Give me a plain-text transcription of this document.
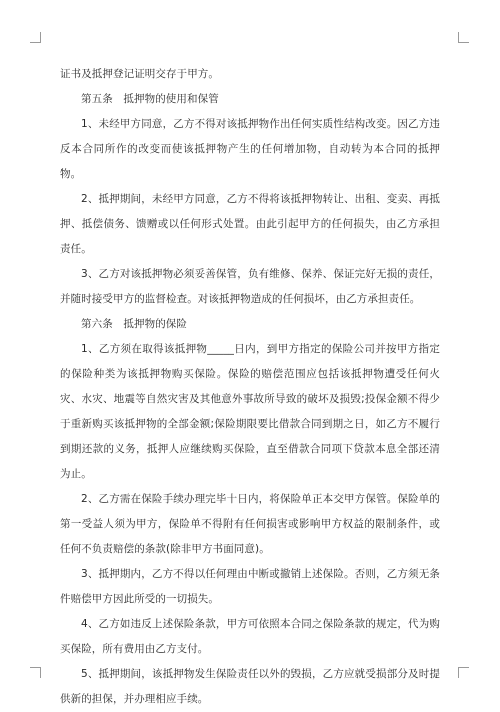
证书及抵押登记证明交存于甲方。

第五条　抵押物的使用和保管

1、未经甲方同意，乙方不得对该抵押物作出任何实质性结构改变。因乙方违反本合同所作的改变而使该抵押物产生的任何增加物，自动转为本合同的抵押物。

2、抵押期间，未经甲方同意，乙方不得将该抵押物转让、出租、变卖、再抵押、抵偿债务、馈赠或以任何形式处置。由此引起甲方的任何损失，由乙方承担责任。

3、乙方对该抵押物必须妥善保管，负有维修、保养、保证完好无损的责任，并随时接受甲方的监督检查。对该抵押物造成的任何损坏，由乙方承担责任。

第六条　抵押物的保险

1、乙方须在取得该抵押物_____日内，到甲方指定的保险公司并按甲方指定的保险种类为该抵押物购买保险。保险的赔偿范围应包括该抵押物遭受任何火灾、水灾、地震等自然灾害及其他意外事故所导致的破坏及损毁;投保金额不得少于重新购买该抵押物的全部金额;保险期限要比借款合同到期之日，如乙方不履行到期还款的义务，抵押人应继续购买保险，直至借款合同项下贷款本息全部还清为止。

2、乙方需在保险手续办理完毕十日内，将保险单正本交甲方保管。保险单的第一受益人须为甲方，保险单不得附有任何损害或影响甲方权益的限制条件，或任何不负责赔偿的条款(除非甲方书面同意)。

3、抵押期内，乙方不得以任何理由中断或撤销上述保险。否则，乙方须无条件赔偿甲方因此所受的一切损失。

4、乙方如违反上述保险条款，甲方可依照本合同之保险条款的规定，代为购买保险，所有费用由乙方支付。

5、抵押期间，该抵押物发生保险责任以外的毁损，乙方应就受损部分及时提供新的担保，并办理相应手续。
